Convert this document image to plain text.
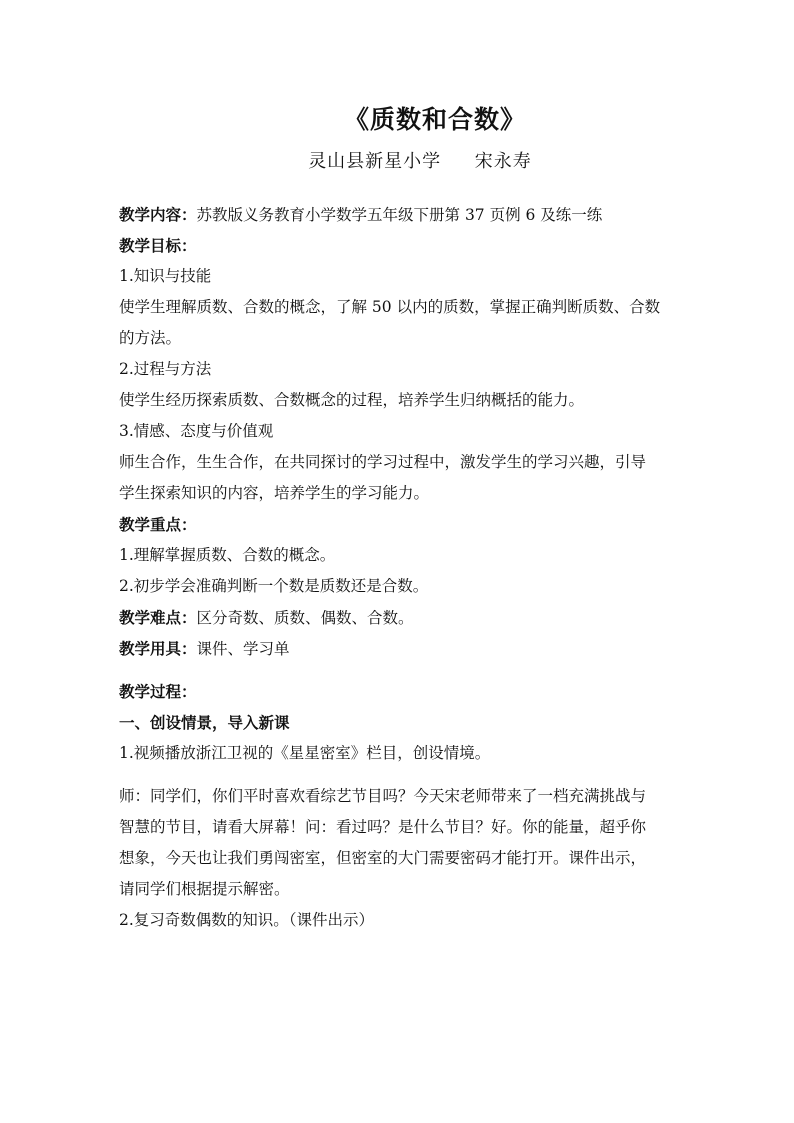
《质数和合数》
灵山县新星小学     宋永寿
教学内容：苏教版义务教育小学数学五年级下册第 37 页例 6 及练一练
教学目标：
1.知识与技能
使学生理解质数、合数的概念，了解 50 以内的质数，掌握正确判断质数、合数
的方法。
2.过程与方法
使学生经历探索质数、合数概念的过程，培养学生归纳概括的能力。
3.情感、态度与价值观
师生合作，生生合作，在共同探讨的学习过程中，激发学生的学习兴趣，引导
学生探索知识的内容，培养学生的学习能力。
教学重点：
1.理解掌握质数、合数的概念。
2.初步学会准确判断一个数是质数还是合数。
教学难点：区分奇数、质数、偶数、合数。
教学用具：课件、学习单
教学过程：
一、创设情景，导入新课
1.视频播放浙江卫视的《星星密室》栏目，创设情境。
师：同学们，你们平时喜欢看综艺节目吗？今天宋老师带来了一档充满挑战与
智慧的节目，请看大屏幕！问：看过吗？是什么节目？好。你的能量，超乎你
想象，今天也让我们勇闯密室，但密室的大门需要密码才能打开。课件出示，
请同学们根据提示解密。
2.复习奇数偶数的知识。（课件出示）
